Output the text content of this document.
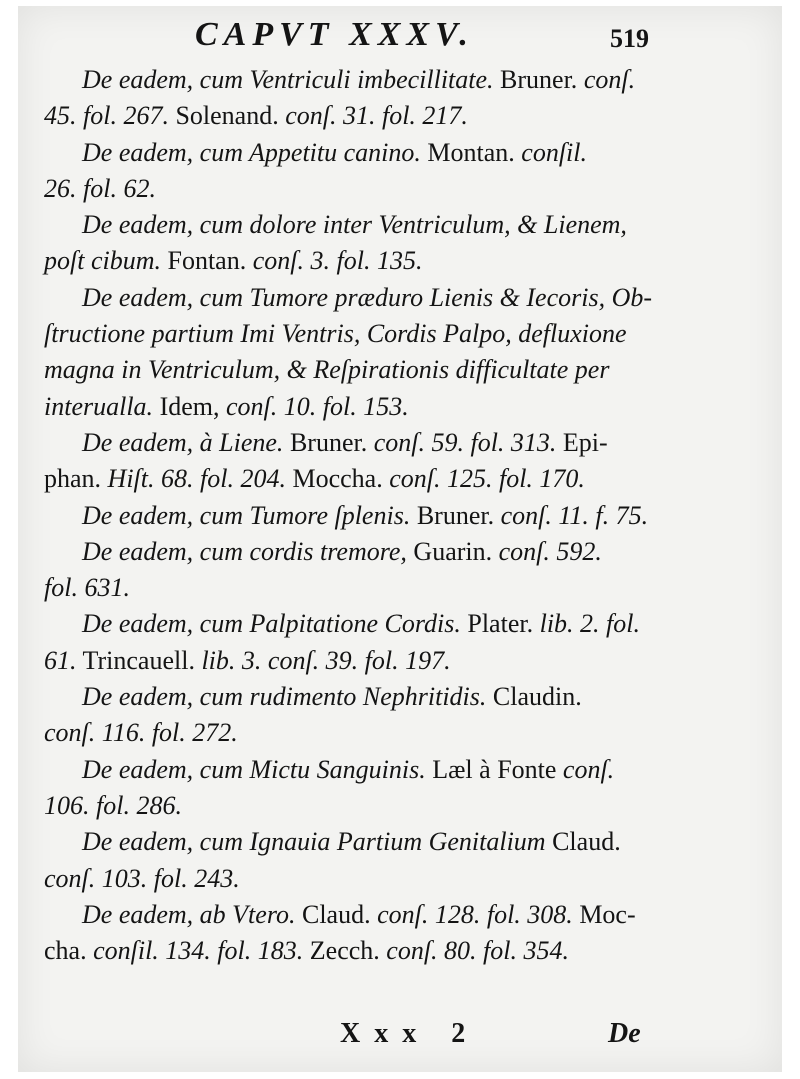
CAPVT XXXV.	519
De eadem, cum Ventriculi imbecillitate. Bruner. conſ.
45. fol. 267. Solenand. conſ. 31. fol. 217.
De eadem, cum Appetitu canino. Montan. conſil.
26. fol. 62.
De eadem, cum dolore inter Ventriculum, & Lienem,
poſt cibum. Fontan. conſ. 3. fol. 135.
De eadem, cum Tumore præduro Lienis & Iecoris, Ob-
ſtructione partium Imi Ventris, Cordis Palpo, defluxione
magna in Ventriculum, & Reſpirationis difficultate per
interualla. Idem, conſ. 10. fol. 153.
De eadem, à Liene. Bruner. conſ. 59. fol. 313. Epi-
phan. Hiſt. 68. fol. 204. Moccha. conſ. 125. fol. 170.
De eadem, cum Tumore ſplenis. Bruner. conſ. 11. f. 75.
De eadem, cum cordis tremore, Guarin. conſ. 592.
fol. 631.
De eadem, cum Palpitatione Cordis. Plater. lib. 2. fol.
61. Trincauell. lib. 3. conſ. 39. fol. 197.
De eadem, cum rudimento Nephritidis. Claudin.
conſ. 116. fol. 272.
De eadem, cum Mictu Sanguinis. Læl à Fonte conſ.
106. fol. 286.
De eadem, cum Ignauia Partium Genitalium Claud.
conſ. 103. fol. 243.
De eadem, ab Vtero. Claud. conſ. 128. fol. 308. Moc-
cha. conſil. 134. fol. 183. Zecch. conſ. 80. fol. 354.
Xxx 2	De
